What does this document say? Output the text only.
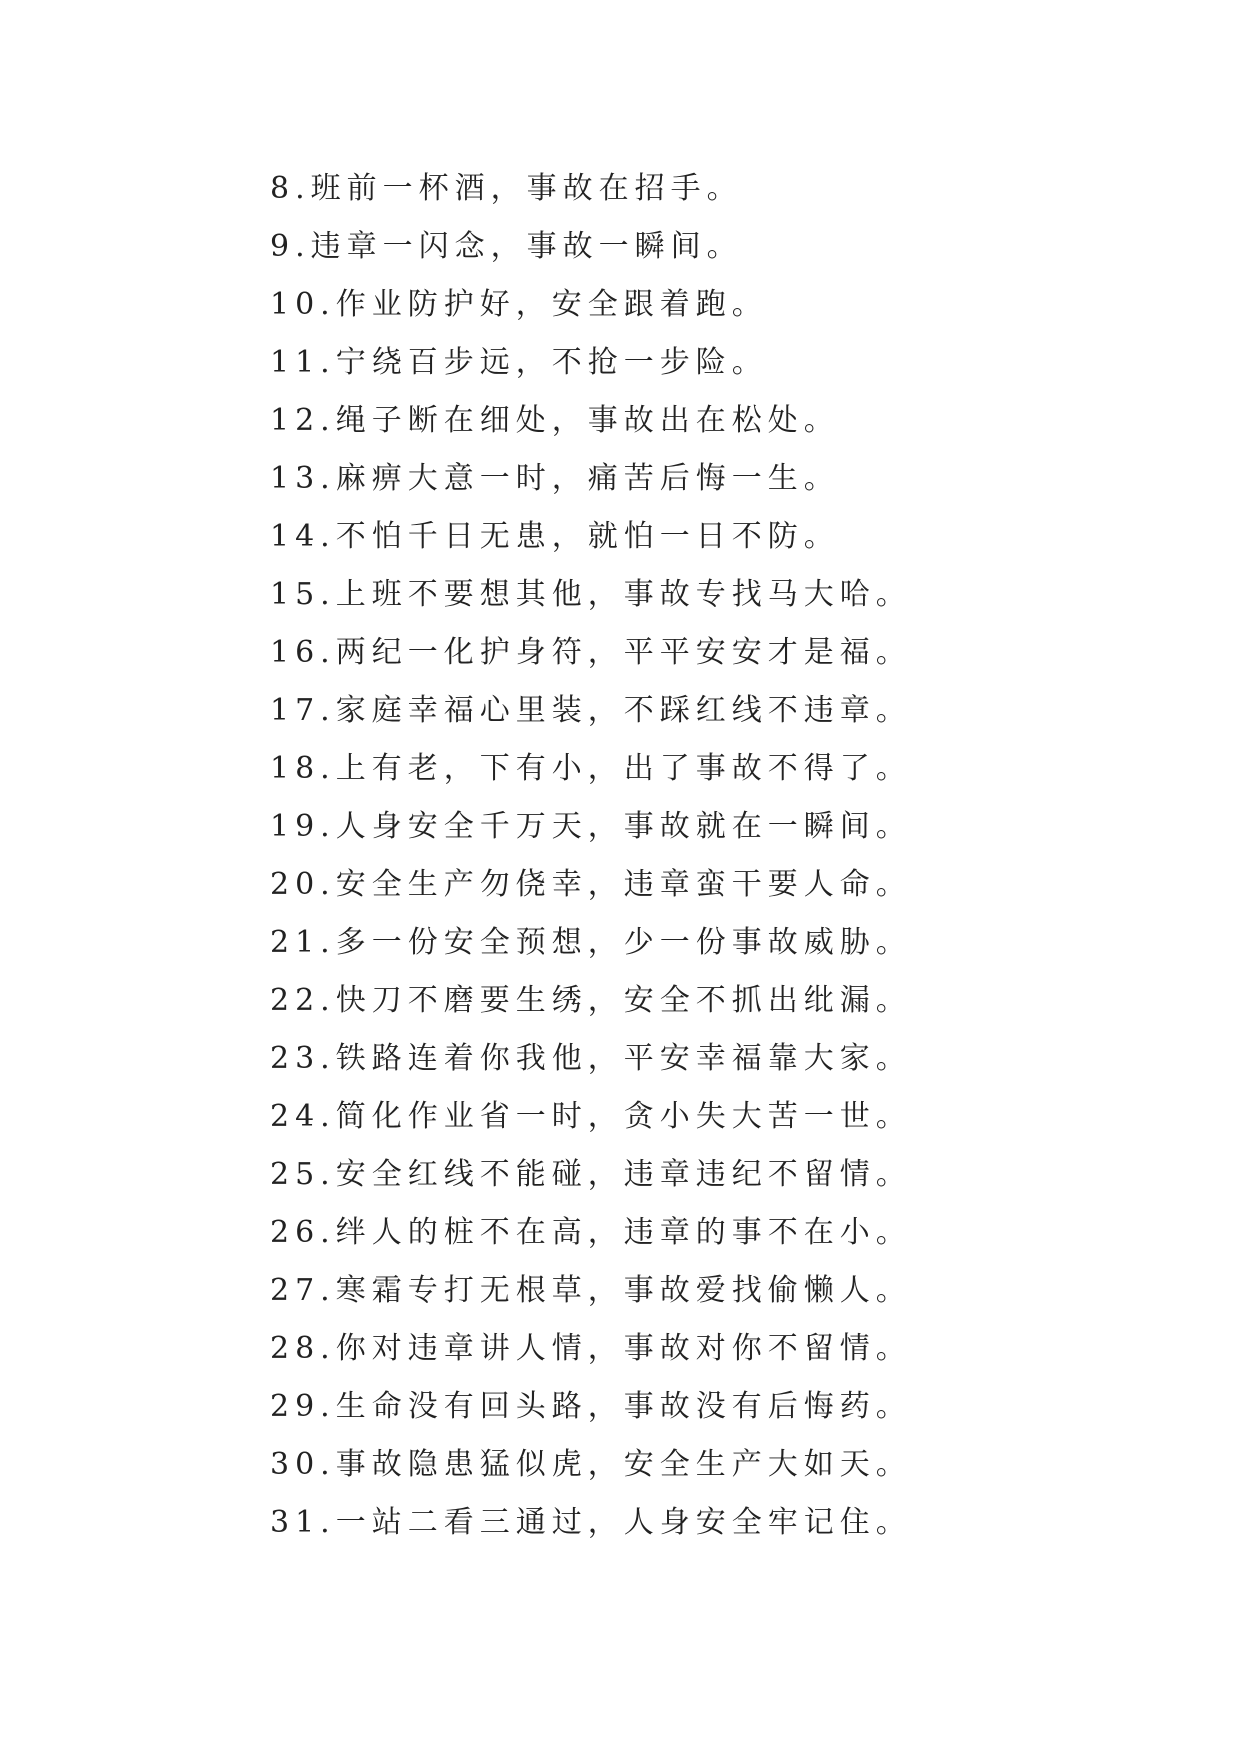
8.班前一杯酒，事故在招手。
9.违章一闪念，事故一瞬间。
10.作业防护好，安全跟着跑。
11.宁绕百步远，不抢一步险。
12.绳子断在细处，事故出在松处。
13.麻痹大意一时，痛苦后悔一生。
14.不怕千日无患，就怕一日不防。
15.上班不要想其他，事故专找马大哈。
16.两纪一化护身符，平平安安才是福。
17.家庭幸福心里装，不踩红线不违章。
18.上有老，下有小，出了事故不得了。
19.人身安全千万天，事故就在一瞬间。
20.安全生产勿侥幸，违章蛮干要人命。
21.多一份安全预想，少一份事故威胁。
22.快刀不磨要生绣，安全不抓出纰漏。
23.铁路连着你我他，平安幸福靠大家。
24.简化作业省一时，贪小失大苦一世。
25.安全红线不能碰，违章违纪不留情。
26.绊人的桩不在高，违章的事不在小。
27.寒霜专打无根草，事故爱找偷懒人。
28.你对违章讲人情，事故对你不留情。
29.生命没有回头路，事故没有后悔药。
30.事故隐患猛似虎，安全生产大如天。
31.一站二看三通过，人身安全牢记住。
